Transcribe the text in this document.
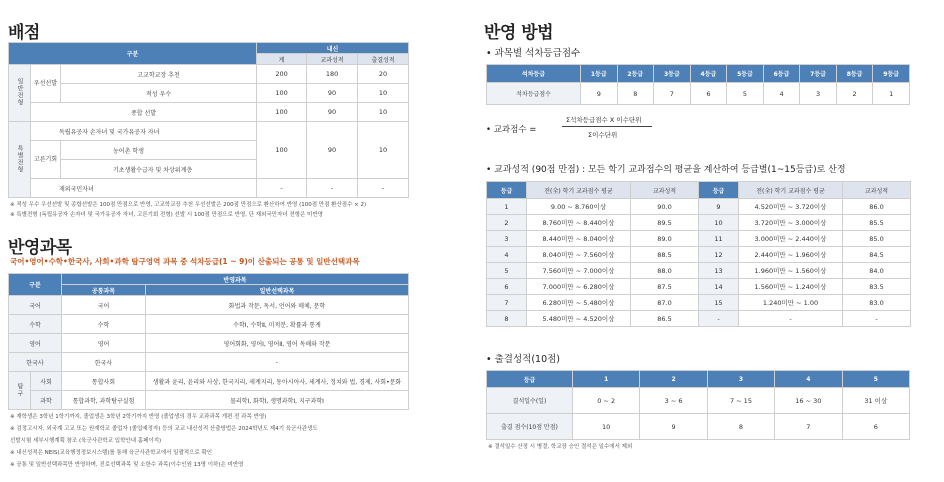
배점
구분			내신		
			계	교과성적	출결성적
일반전형	우선선발	고교학교장 추천	200	180	20
		적성 우수	100	90	10
	종합 선발		100	90	10
특별전형	독립유공자 손자녀 및 국가유공자 자녀		100	90	10
	고른기회	농어촌 학생			
		기초생활수급자 및 차상위계층			
	재외국민자녀		-	-	-
※ 적성 우수 우선선발 및 종합선발은 100점 만점으로 반영, 고교학교장 추천 우선선발은 200점 만점으로 환산하여 반영 (100점 만점 환산점수 × 2)
※ 특별전형 (독립유공자 손자녀 및 국가유공자 자녀, 고른기회 전형) 선발 시 100점 만점으로 반영, 단 재외국민자녀 전형은 미반영
반영과목
국어•영어•수학•한국사, 사회•과학 탐구영역 과목 중 석차등급(1 ~ 9)이 산출되는 공통 및 일반선택과목
구분		반영과목	
		공통과목	일반선택과목
국어		국어	화법과 작문, 독서, 언어와 매체, 문학
수학		수학	수학Ⅰ, 수학Ⅱ, 미적분, 확률과 통계
영어		영어	영어회화, 영어Ⅰ, 영어Ⅱ, 영어 독해와 작문
한국사		한국사	-
탐구	사회	통합사회	생활과 윤리, 윤리와 사상, 한국지리, 세계지리, 동아시아사, 세계사, 정치와 법, 경제, 사회•문화
	과학	통합과학, 과학탐구실험	물리학Ⅰ, 화학Ⅰ, 생명과학Ⅰ, 지구과학Ⅰ
※ 재학생은 3학년 1학기까지, 졸업생은 3학년 2학기까지 반영 (졸업생의 경우 교과과목 개편 전 과목 반영)
※ 검정고시자, 외국계 고교 또는 원재학교 졸업자 (졸업예정자) 등의 교교 내신성적 산출방법은 2024학년도 제4기 육군사관생도
선발시험 세부시행계획 참조 (육군사관학교 입학안내 홈페이지)
※ 내신성적은 NEIS(교육행정정보시스템)를 통해 육군사관학교에서 일괄적으로 확인
※ 공통 및 일반선택과목만 반영하며, 진로선택과목 및 소한수 과목(이수인원 13명 이하)은 미반영
반영 방법
• 과목별 석차등급점수
석차등급	1등급	2등급	3등급	4등급	5등급	6등급	7등급	8등급	9등급
석차등급점수	9	8	7	6	5	4	3	2	1
• 교과점수 =
Σ석차등급점수 X 이수단위
Σ이수단위
• 교과성적 (90점 만점) : 모든 학기 교과점수의 평균을 계산하여 등급별(1~15등급)로 산정
등급	전(全) 학기 교과점수 평균	교과성적	등급	전(全) 학기 교과점수 평균	교과성적
1	9.00 ~ 8.760이상	90.0	9	4.520미만 ~ 3.720이상	86.0
2	8.760미만 ~ 8.440이상	89.5	10	3.720미만 ~ 3.000이상	85.5
3	8.440미만 ~ 8.040이상	89.0	11	3.000미만 ~ 2.440이상	85.0
4	8.040미만 ~ 7.560이상	88.5	12	2.440미만 ~ 1.960이상	84.5
5	7.560미만 ~ 7.000이상	88.0	13	1.960미만 ~ 1.560이상	84.0
6	7.000미만 ~ 6.280이상	87.5	14	1.560미만 ~ 1.240이상	83.5
7	6.280미만 ~ 5.480이상	87.0	15	1.240미만 ~ 1.00	83.0
8	5.480미만 ~ 4.520이상	86.5	-	-	-
• 출결성적(10점)
등급	1	2	3	4	5
결석일수(일)	0 ~ 2	3 ~ 6	7 ~ 15	16 ~ 30	31 이상
출결 점수(10점 만점)	10	9	8	7	6
※ 결석일수 산정 시 병결, 학교장 승인 결석은 일수에서 제외
